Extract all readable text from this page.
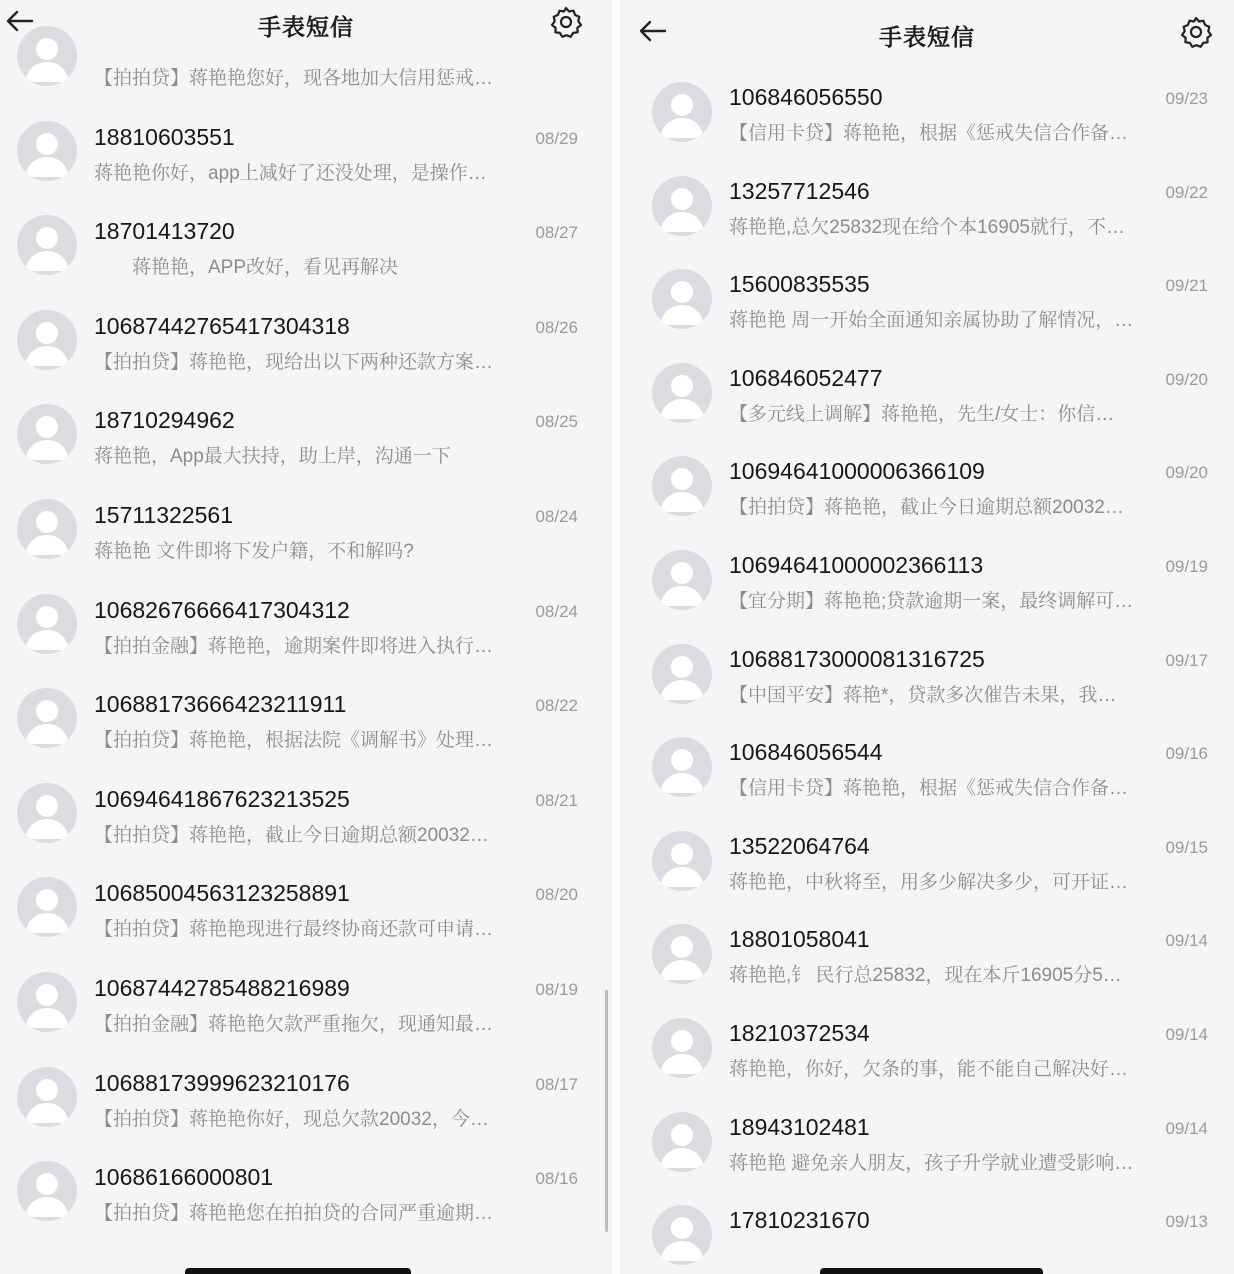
【拍拍贷】蒋艳艳您好，现各地加大信用惩戒…
18810603551	08/29
蒋艳艳你好，app上减好了还没处理，是操作…
18701413720	08/27
　　蒋艳艳，APP改好，看见再解决
10687442765417304318	08/26
【拍拍贷】蒋艳艳，现给出以下两种还款方案…
18710294962	08/25
蒋艳艳，App最大扶持，助上岸，沟通一下
15711322561	08/24
蒋艳艳 文件即将下发户籍，不和解吗?
10682676666417304312	08/24
【拍拍金融】蒋艳艳，逾期案件即将进入执行…
10688173666423211911	08/22
【拍拍贷】蒋艳艳，根据法院《调解书》处理…
10694641867623213525	08/21
【拍拍贷】蒋艳艳，截止今日逾期总额20032…
10685004563123258891	08/20
【拍拍贷】蒋艳艳现进行最终协商还款可申请…
10687442785488216989	08/19
【拍拍金融】蒋艳艳欠款严重拖欠，现通知最…
10688173999623210176	08/17
【拍拍贷】蒋艳艳你好，现总欠款20032，今…
10686166000801	08/16
【拍拍贷】蒋艳艳您在拍拍贷的合同严重逾期…
手表短信
106846056550	09/23
【信用卡贷】蒋艳艳，根据《惩戒失信合作备…
13257712546	09/22
蒋艳艳,总欠25832现在给个本16905就行，不…
15600835535	09/21
蒋艳艳 周一开始全面通知亲属协助了解情况，…
106846052477	09/20
【多元线上调解】蒋艳艳，先生/女士：你信…
10694641000006366109	09/20
【拍拍贷】蒋艳艳，截止今日逾期总额20032…
10694641000002366113	09/19
【宜分期】蒋艳艳;贷款逾期一案，最终调解可…
10688173000081316725	09/17
【中国平安】蒋艳*，贷款多次催告未果，我…
106846056544	09/16
【信用卡贷】蒋艳艳，根据《惩戒失信合作备…
13522064764	09/15
蒋艳艳，中秋将至，用多少解决多少，可开证…
18801058041	09/14
蒋艳艳,钅 民行总25832，现在本斤16905分5…
18210372534	09/14
蒋艳艳，你好，欠条的事，能不能自己解决好…
18943102481	09/14
蒋艳艳 避免亲人朋友，孩子升学就业遭受影响…
17810231670	09/13
手表短信
